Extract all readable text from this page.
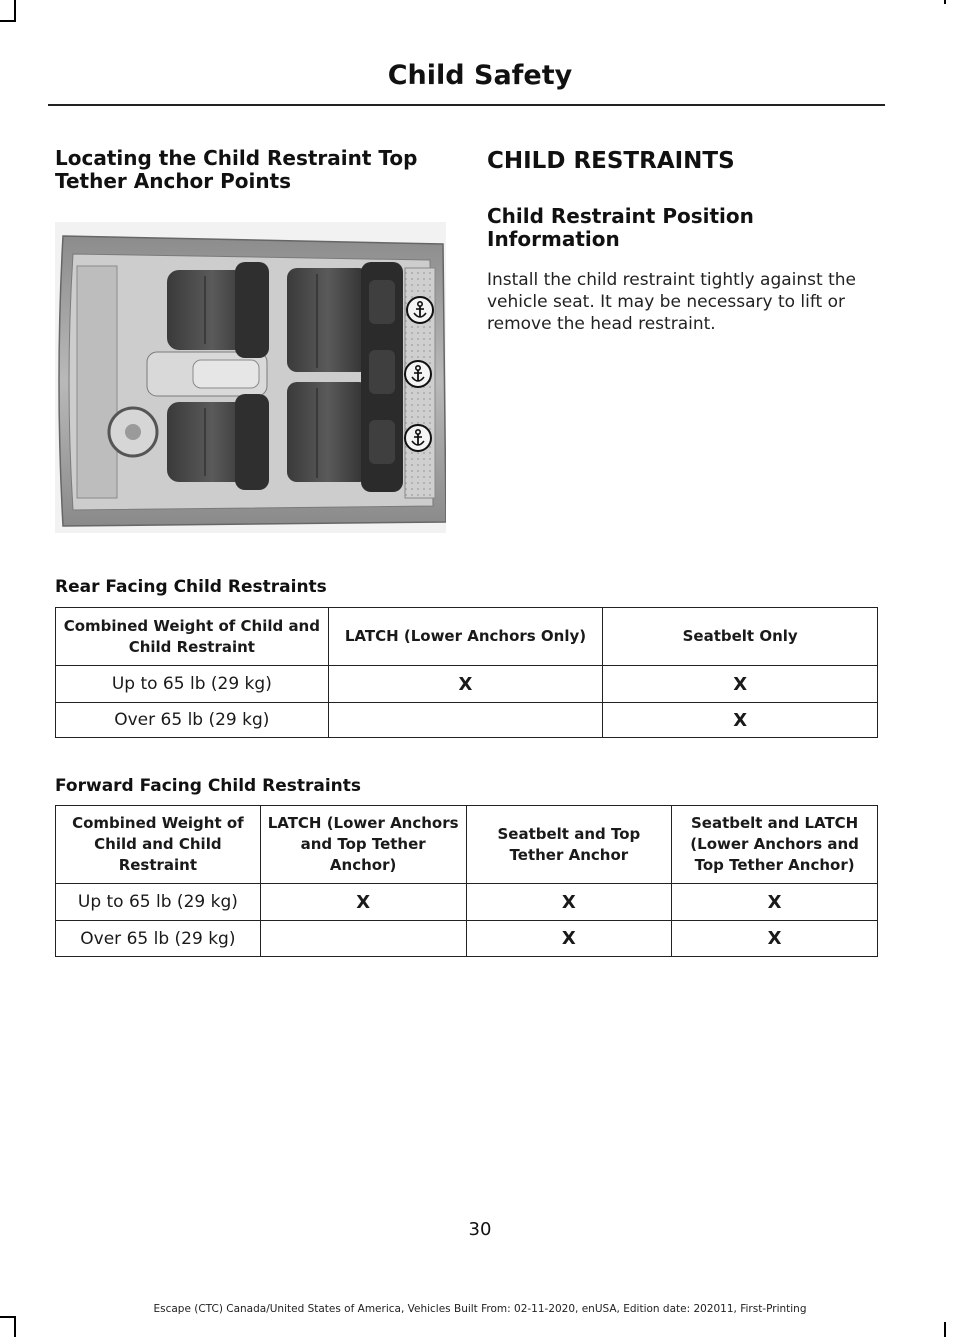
Child Safety
Locating the Child Restraint Top Tether Anchor Points
CHILD RESTRAINTS
Child Restraint Position Information
Install the child restraint tightly against the vehicle seat. It may be necessary to lift or remove the head restraint.
Rear Facing Child Restraints
Combined Weight of Child and Child Restraint	LATCH (Lower Anchors Only)	Seatbelt Only
Up to 65 lb (29 kg)	X	X
Over 65 lb (29 kg)		X
Forward Facing Child Restraints
Combined Weight of Child and Child Restraint	LATCH (Lower Anchors and Top Tether Anchor)	Seatbelt and Top Tether Anchor	Seatbelt and LATCH (Lower Anchors and Top Tether Anchor)
Up to 65 lb (29 kg)	X	X	X
Over 65 lb (29 kg)		X	X
30
Escape (CTC) Canada/United States of America, Vehicles Built From: 02-11-2020, enUSA, Edition date: 202011, First-Printing
